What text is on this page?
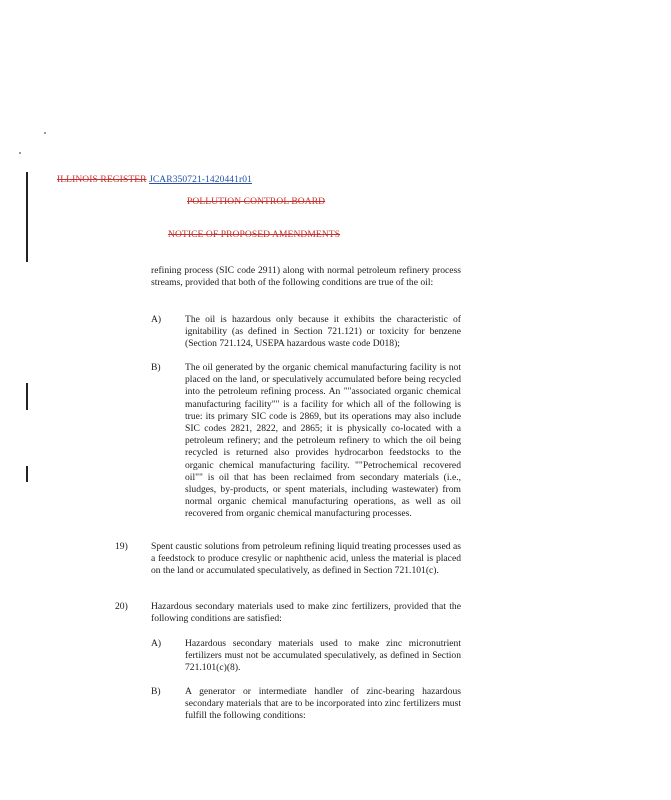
ILLINOIS REGISTER JCAR350721-1420441r01
POLLUTION CONTROL BOARD
NOTICE OF PROPOSED AMENDMENTS
refining process (SIC code 2911) along with normal petroleum refinery process streams, provided that both of the following conditions are true of the oil:
A) The oil is hazardous only because it exhibits the characteristic of ignitability (as defined in Section 721.121) or toxicity for benzene (Section 721.124, USEPA hazardous waste code D018);
B)	The oil generated by the organic chemical manufacturing facility is not placed on the land, or speculatively accumulated before being recycled into the petroleum refining process. An ""associated organic chemical manufacturing facility"" is a facility for which all of the following is true: its primary SIC code is 2869, but its operations may also include SIC codes 2821, 2822, and 2865; it is physically co-located with a petroleum refinery; and the petroleum refinery to which the oil being recycled is returned also provides hydrocarbon feedstocks to the organic chemical manufacturing facility. ""Petrochemical recovered oil"" is oil that has been reclaimed from secondary materials (i.e., sludges, by-products, or spent materials, including wastewater) from normal organic chemical manufacturing operations, as well as oil recovered from organic chemical manufacturing processes.
19) Spent caustic solutions from petroleum refining liquid treating processes used as a feedstock to produce cresylic or naphthenic acid, unless the material is placed on the land or accumulated speculatively, as defined in Section 721.101(c).
20) Hazardous secondary materials used to make zinc fertilizers, provided that the following conditions are satisfied:
A) Hazardous secondary materials used to make zinc micronutrient fertilizers must not be accumulated speculatively, as defined in Section 721.101(c)(8).
B)	A generator or intermediate handler of zinc-bearing hazardous secondary materials that are to be incorporated into zinc fertilizers must fulfill the following conditions:
